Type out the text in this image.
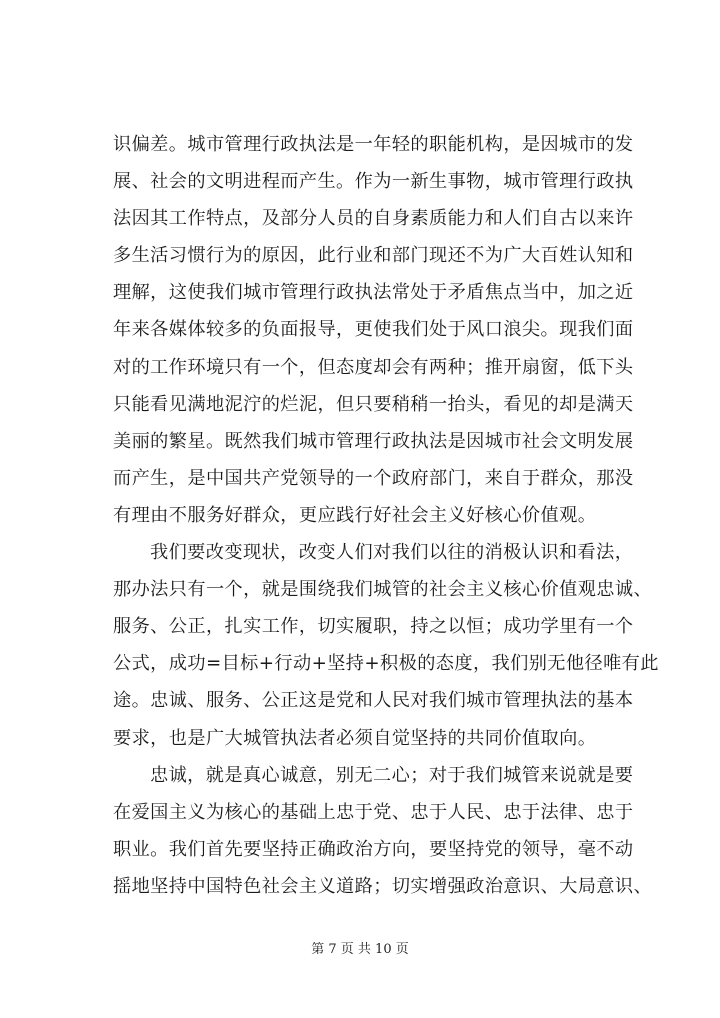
识偏差。城市管理行政执法是一年轻的职能机构，是因城市的发
展、社会的文明进程而产生。作为一新生事物，城市管理行政执
法因其工作特点，及部分人员的自身素质能力和人们自古以来许
多生活习惯行为的原因，此行业和部门现还不为广大百姓认知和
理解，这使我们城市管理行政执法常处于矛盾焦点当中，加之近
年来各媒体较多的负面报导，更使我们处于风口浪尖。现我们面
对的工作环境只有一个，但态度却会有两种；推开扇窗，低下头
只能看见满地泥泞的烂泥，但只要稍稍一抬头，看见的却是满天
美丽的繁星。既然我们城市管理行政执法是因城市社会文明发展
而产生，是中国共产党领导的一个政府部门，来自于群众，那没
有理由不服务好群众，更应践行好社会主义好核心价值观。
我们要改变现状，改变人们对我们以往的消极认识和看法，
那办法只有一个，就是围绕我们城管的社会主义核心价值观忠诚、
服务、公正，扎实工作，切实履职，持之以恒；成功学里有一个
公式，成功=目标+行动+坚持+积极的态度，我们别无他径唯有此
途。忠诚、服务、公正这是党和人民对我们城市管理执法的基本
要求，也是广大城管执法者必须自觉坚持的共同价值取向。
忠诚，就是真心诚意，别无二心；对于我们城管来说就是要
在爱国主义为核心的基础上忠于党、忠于人民、忠于法律、忠于
职业。我们首先要坚持正确政治方向，要坚持党的领导，毫不动
摇地坚持中国特色社会主义道路；切实增强政治意识、大局意识、
第 7 页 共 10 页
